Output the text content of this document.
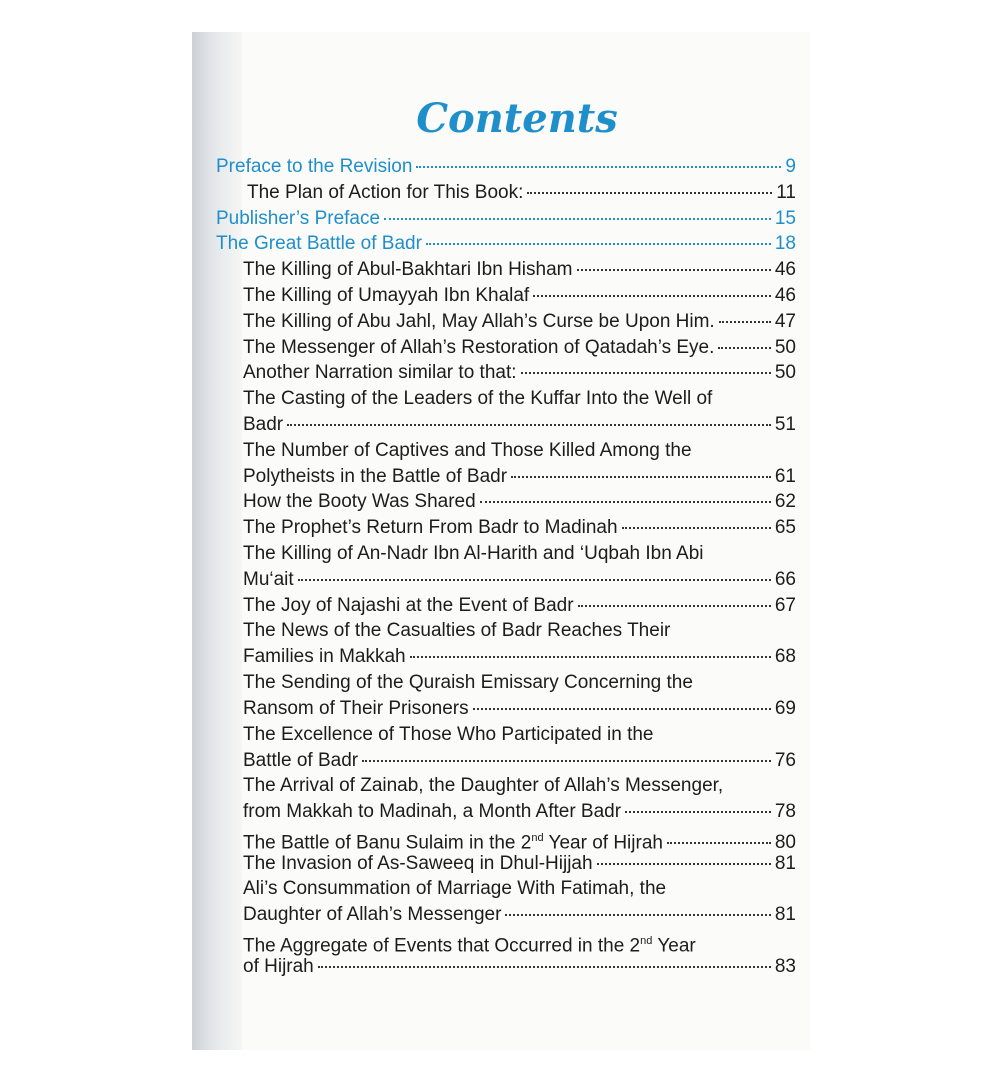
Contents
Preface to the Revision	9
The Plan of Action for This Book:	11
Publisher’s Preface	15
The Great Battle of Badr	18
The Killing of Abul-Bakhtari Ibn Hisham	46
The Killing of Umayyah Ibn Khalaf	46
The Killing of Abu Jahl, May Allah’s Curse be Upon Him.	47
The Messenger of Allah’s Restoration of Qatadah’s Eye.	50
Another Narration similar to that:	50
The Casting of the Leaders of the Kuffar Into the Well of
Badr	51
The Number of Captives and Those Killed Among the
Polytheists in the Battle of Badr	61
How the Booty Was Shared	62
The Prophet’s Return From Badr to Madinah	65
The Killing of An-Nadr Ibn Al-Harith and ‘Uqbah Ibn Abi
Mu‘ait	66
The Joy of Najashi at the Event of Badr	67
The News of the Casualties of Badr Reaches Their
Families in Makkah	68
The Sending of the Quraish Emissary Concerning the
Ransom of Their Prisoners	69
The Excellence of Those Who Participated in the
Battle of Badr	76
The Arrival of Zainab, the Daughter of Allah’s Messenger,
from Makkah to Madinah, a Month After Badr	78
The Battle of Banu Sulaim in the 2nd Year of Hijrah	80
The Invasion of As-Saweeq in Dhul-Hijjah	81
Ali’s Consummation of Marriage With Fatimah, the
Daughter of Allah’s Messenger	81
The Aggregate of Events that Occurred in the 2nd Year
of Hijrah	83
